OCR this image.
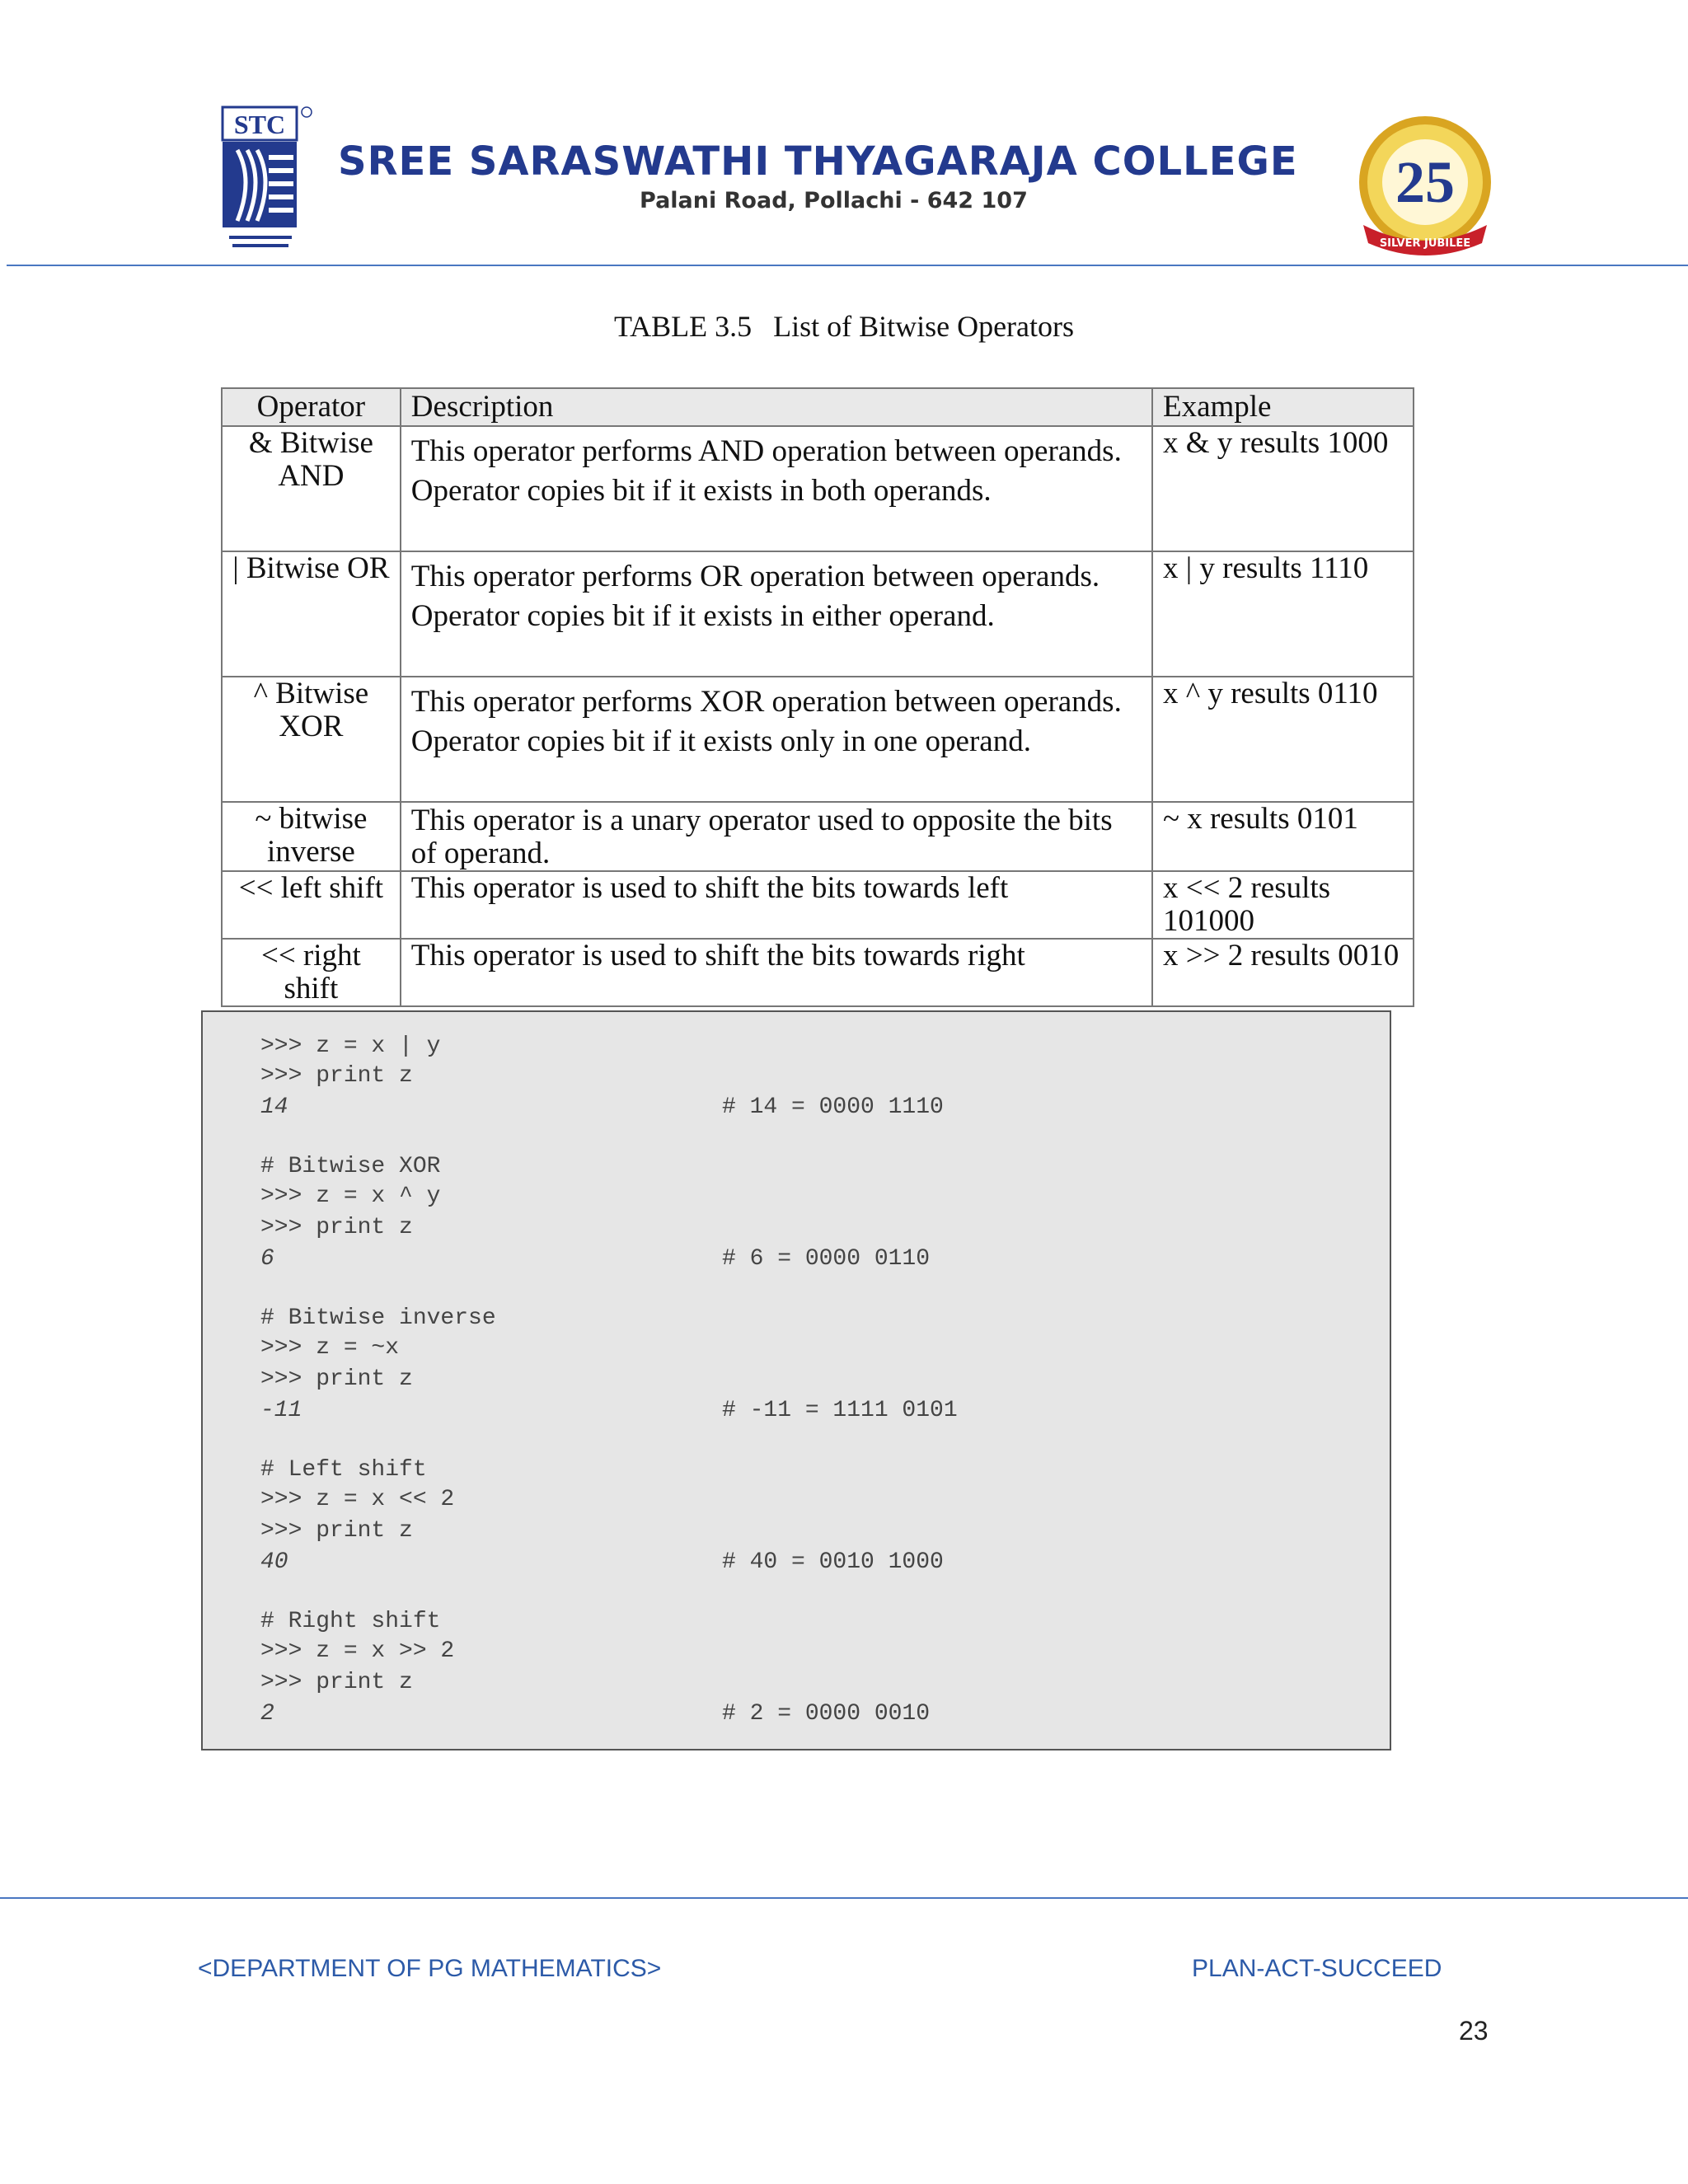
STC
SREE SARASWATHI THYAGARAJA COLLEGE
Palani Road, Pollachi - 642 107	25
SILVER JUBILEE
TABLE 3.5 List of Bitwise Operators
Operator	Description	Example
& Bitwise AND	This operator performs AND operation between operands. Operator copies bit if it exists in both operands.	x & y results 1000
| Bitwise OR	This operator performs OR operation between operands. Operator copies bit if it exists in either operand.	x | y results 1110
^ Bitwise XOR	This operator performs XOR operation between operands. Operator copies bit if it exists only in one operand.	x ^ y results 0110
~ bitwise inverse	This operator is a unary operator used to opposite the bits of operand.	~ x results 0101
<< left shift	This operator is used to shift the bits towards left	x << 2 results 101000
<< right shift	This operator is used to shift the bits towards right	x >> 2 results 0010
>>> z = x | y
>>> print z
14	# 14 = 0000 1110
# Bitwise XOR
>>> z = x ^ y
>>> print z
6	# 6 = 0000 0110
# Bitwise inverse
>>> z = ~x
>>> print z
-11	# -11 = 1111 0101
# Left shift
>>> z = x << 2
>>> print z
40	# 40 = 0010 1000
# Right shift
>>> z = x >> 2
>>> print z
2	# 2 = 0000 0010
<DEPARTMENT OF PG MATHEMATICS>	PLAN-ACT-SUCCEED
23
